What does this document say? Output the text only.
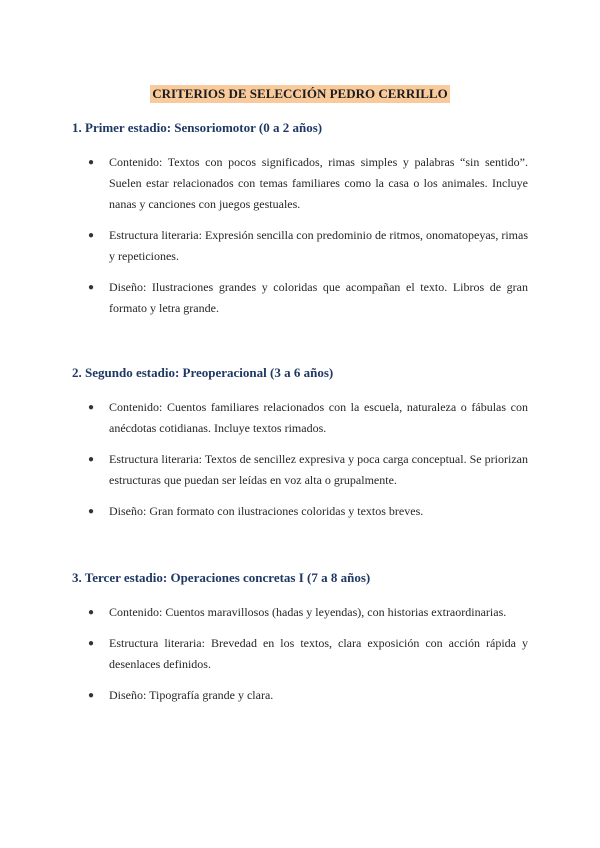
CRITERIOS DE SELECCIÓN PEDRO CERRILLO

1. Primer estadio: Sensoriomotor (0 a 2 años)

● Contenido: Textos con pocos significados, rimas simples y palabras “sin sentido”. Suelen estar relacionados con temas familiares como la casa o los animales. Incluye nanas y canciones con juegos gestuales.
● Estructura literaria: Expresión sencilla con predominio de ritmos, onomatopeyas, rimas y repeticiones.
● Diseño: Ilustraciones grandes y coloridas que acompañan el texto. Libros de gran formato y letra grande.

2. Segundo estadio: Preoperacional (3 a 6 años)

● Contenido: Cuentos familiares relacionados con la escuela, naturaleza o fábulas con anécdotas cotidianas. Incluye textos rimados.
● Estructura literaria: Textos de sencillez expresiva y poca carga conceptual. Se priorizan estructuras que puedan ser leídas en voz alta o grupalmente.
● Diseño: Gran formato con ilustraciones coloridas y textos breves.

3. Tercer estadio: Operaciones concretas I (7 a 8 años)

● Contenido: Cuentos maravillosos (hadas y leyendas), con historias extraordinarias.
● Estructura literaria: Brevedad en los textos, clara exposición con acción rápida y desenlaces definidos.
● Diseño: Tipografía grande y clara.
